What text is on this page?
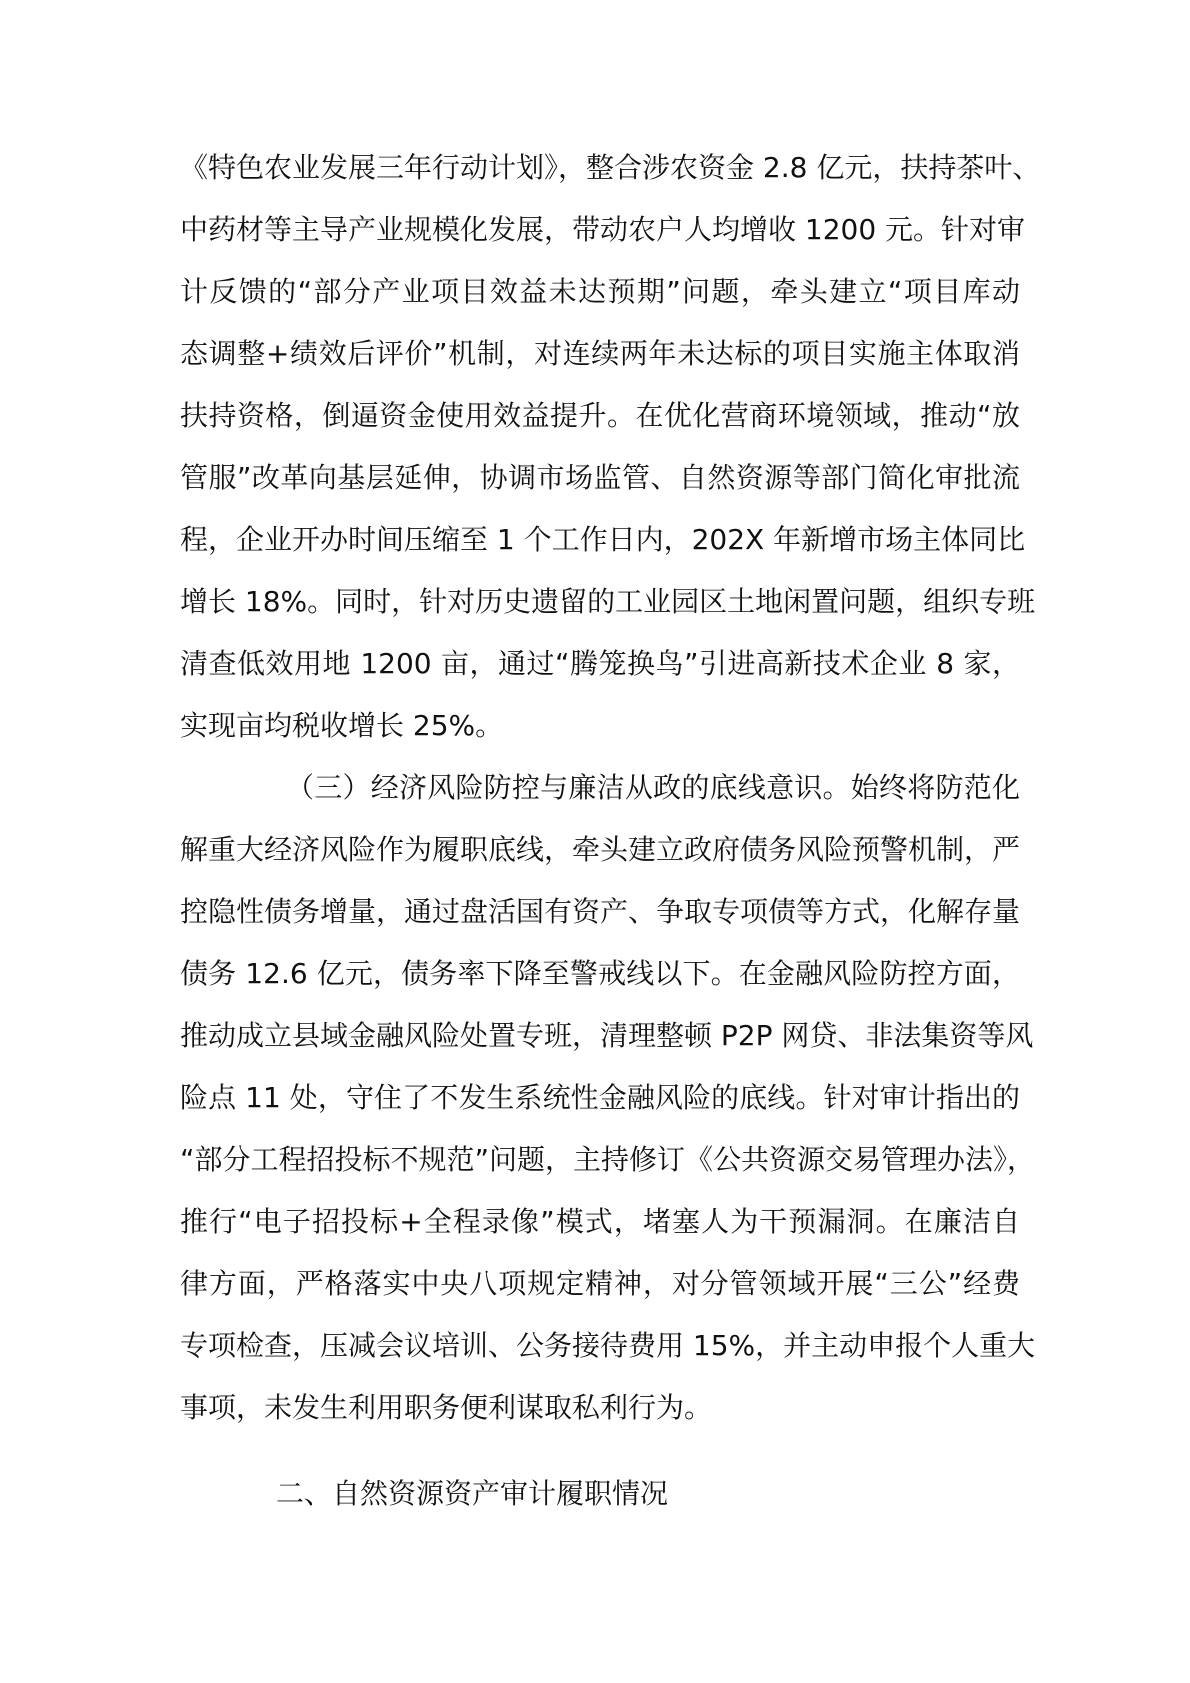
《特色农业发展三年行动计划》，整合涉农资金 2.8 亿元，扶持茶叶、
中药材等主导产业规模化发展，带动农户人均增收 1200 元。针对审
计反馈的“部分产业项目效益未达预期”问题，牵头建立“项目库动
态调整+绩效后评价”机制，对连续两年未达标的项目实施主体取消
扶持资格，倒逼资金使用效益提升。在优化营商环境领域，推动“放
管服”改革向基层延伸，协调市场监管、自然资源等部门简化审批流
程，企业开办时间压缩至 1 个工作日内，202X 年新增市场主体同比
增长 18%。同时，针对历史遗留的工业园区土地闲置问题，组织专班
清查低效用地 1200 亩，通过“腾笼换鸟”引进高新技术企业 8 家，
实现亩均税收增长 25%。
（三）经济风险防控与廉洁从政的底线意识。始终将防范化
解重大经济风险作为履职底线，牵头建立政府债务风险预警机制，严
控隐性债务增量，通过盘活国有资产、争取专项债等方式，化解存量
债务 12.6 亿元，债务率下降至警戒线以下。在金融风险防控方面，
推动成立县域金融风险处置专班，清理整顿 P2P 网贷、非法集资等风
险点 11 处，守住了不发生系统性金融风险的底线。针对审计指出的
“部分工程招投标不规范”问题，主持修订《公共资源交易管理办法》，
推行“电子招投标+全程录像”模式，堵塞人为干预漏洞。在廉洁自
律方面，严格落实中央八项规定精神，对分管领域开展“三公”经费
专项检查，压减会议培训、公务接待费用 15%，并主动申报个人重大
事项，未发生利用职务便利谋取私利行为。
二、自然资源资产审计履职情况
